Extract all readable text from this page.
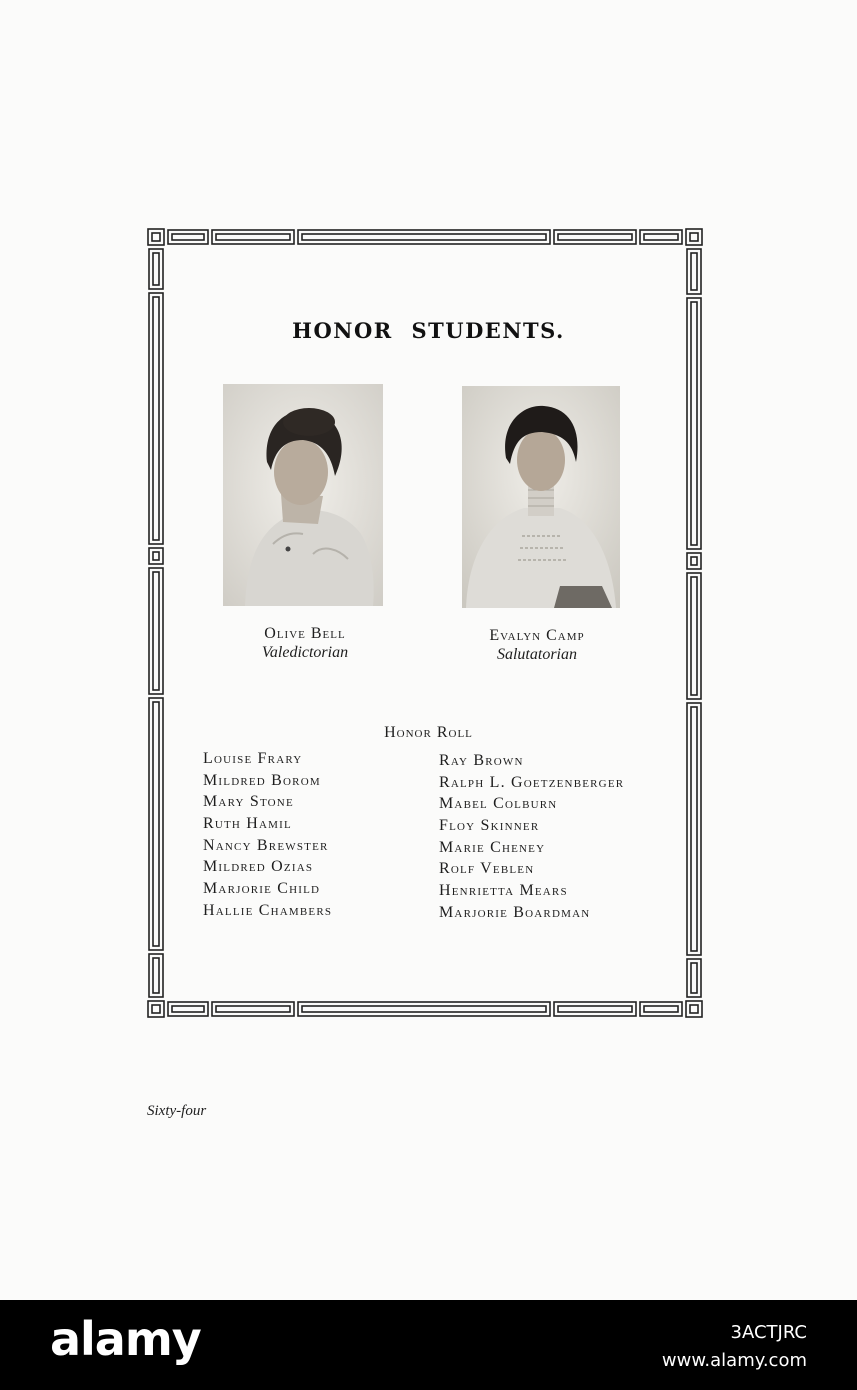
HONOR STUDENTS.
Olive Bell
Valedictorian
Evalyn Camp
Salutatorian
Honor Roll
Louise Frary
Mildred Borom
Mary Stone
Ruth Hamil
Nancy Brewster
Mildred Ozias
Marjorie Child
Hallie Chambers
Ray Brown
Ralph L. Goetzenberger
Mabel Colburn
Floy Skinner
Marie Cheney
Rolf Veblen
Henrietta Mears
Marjorie Boardman
Sixty-four
alamy	3ACTJRC
www.alamy.com
